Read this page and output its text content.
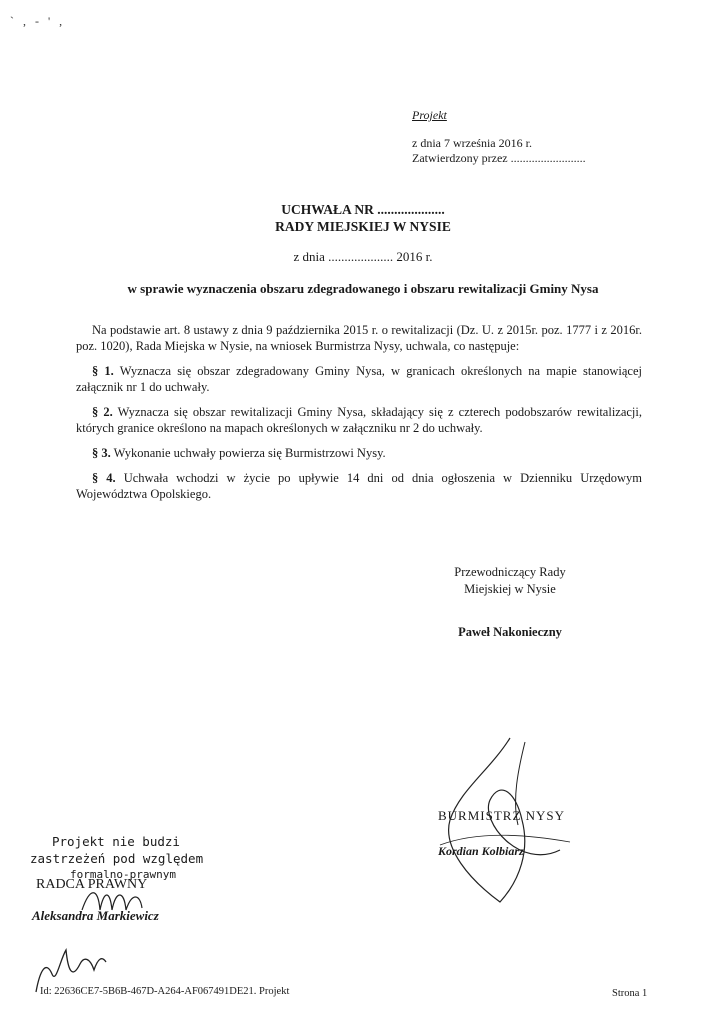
` , - ' ,
Projekt
z dnia 7 września 2016 r.
Zatwierdzony przez .........................
UCHWAŁA NR ....................
RADY MIEJSKIEJ W NYSIE
z dnia .................... 2016 r.
w sprawie wyznaczenia obszaru zdegradowanego i obszaru rewitalizacji Gminy Nysa

Na podstawie art. 8 ustawy z dnia 9 października 2015 r. o rewitalizacji (Dz. U. z 2015r. poz. 1777 i z 2016r. poz. 1020), Rada Miejska w Nysie, na wniosek Burmistrza Nysy, uchwala, co następuje:

§ 1. Wyznacza się obszar zdegradowany Gminy Nysa, w granicach określonych na mapie stanowiącej załącznik nr 1 do uchwały.

§ 2. Wyznacza się obszar rewitalizacji Gminy Nysa, składający się z czterech podobszarów rewitalizacji, których granice określono na mapach określonych w załączniku nr 2 do uchwały.

§ 3. Wykonanie uchwały powierza się Burmistrzowi Nysy.

§ 4. Uchwała wchodzi w życie po upływie 14 dni od dnia ogłoszenia w Dzienniku Urzędowym Województwa Opolskiego.

Przewodniczący Rady
Miejskiej w Nysie
Paweł Nakonieczny
BURMISTRZ NYSY
Kordian Kolbiarz
Projekt nie budzi
zastrzeżeń pod względem
formalno-prawnym
RADCA PRAWNY
Aleksandra Markiewicz
Id: 22636CE7-5B6B-467D-A264-AF067491DE21. Projekt	Strona 1
